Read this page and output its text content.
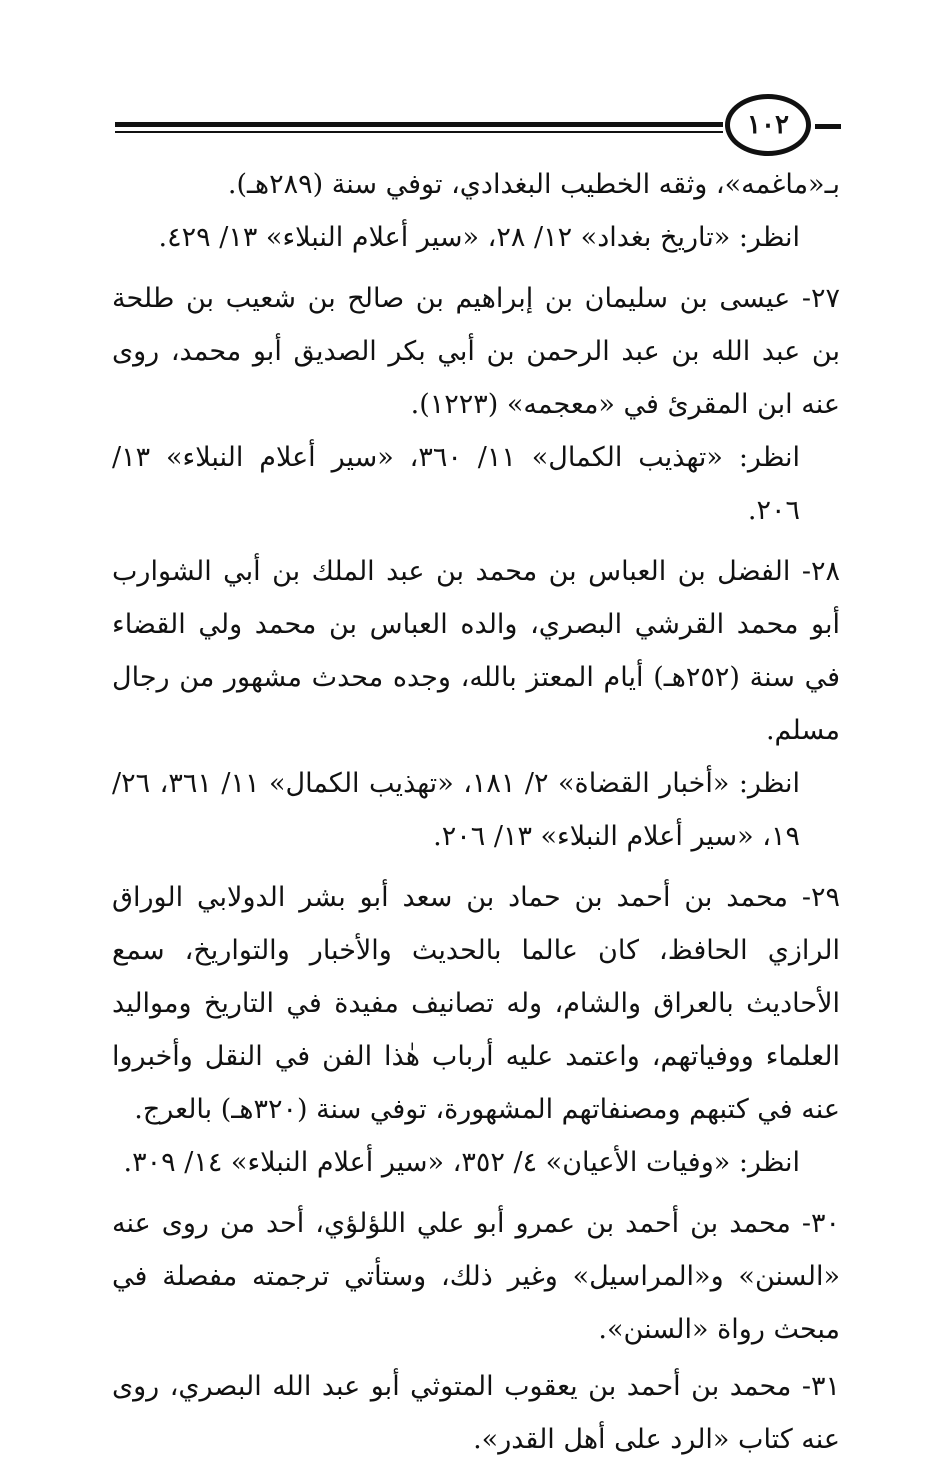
١٠٢

بـ«ماغمه»، وثقه الخطيب البغدادي، توفي سنة (٢٨٩هـ).

انظر: «تاريخ بغداد» ١٢/ ٢٨، «سير أعلام النبلاء» ١٣/ ٤٢٩.

٢٧- عيسى بن سليمان بن إبراهيم بن صالح بن شعيب بن طلحة بن عبد الله بن عبد الرحمن بن أبي بكر الصديق أبو محمد، روى عنه ابن المقرئ في «معجمه» (١٢٢٣).

انظر: «تهذيب الكمال» ١١/ ٣٦٠، «سير أعلام النبلاء» ١٣/ ٢٠٦.

٢٨- الفضل بن العباس بن محمد بن عبد الملك بن أبي الشوارب أبو محمد القرشي البصري، والده العباس بن محمد ولي القضاء في سنة (٢٥٢هـ) أيام المعتز بالله، وجده محدث مشهور من رجال مسلم.

انظر: «أخبار القضاة» ٢/ ١٨١، «تهذيب الكمال» ١١/ ٣٦١، ٢٦/ ١٩، «سير أعلام النبلاء» ١٣/ ٢٠٦.

٢٩- محمد بن أحمد بن حماد بن سعد أبو بشر الدولابي الوراق الرازي الحافظ، كان عالما بالحديث والأخبار والتواريخ، سمع الأحاديث بالعراق والشام، وله تصانيف مفيدة في التاريخ ومواليد العلماء ووفياتهم، واعتمد عليه أرباب هٰذا الفن في النقل وأخبروا عنه في كتبهم ومصنفاتهم المشهورة، توفي سنة (٣٢٠هـ) بالعرج.

انظر: «وفيات الأعيان» ٤/ ٣٥٢، «سير أعلام النبلاء» ١٤/ ٣٠٩.

٣٠- محمد بن أحمد بن عمرو أبو علي اللؤلؤي، أحد من روى عنه «السنن» و«المراسيل» وغير ذلك، وستأتي ترجمته مفصلة في مبحث رواة «السنن».

٣١- محمد بن أحمد بن يعقوب المتوثي أبو عبد الله البصري، روى عنه كتاب «الرد على أهل القدر».
